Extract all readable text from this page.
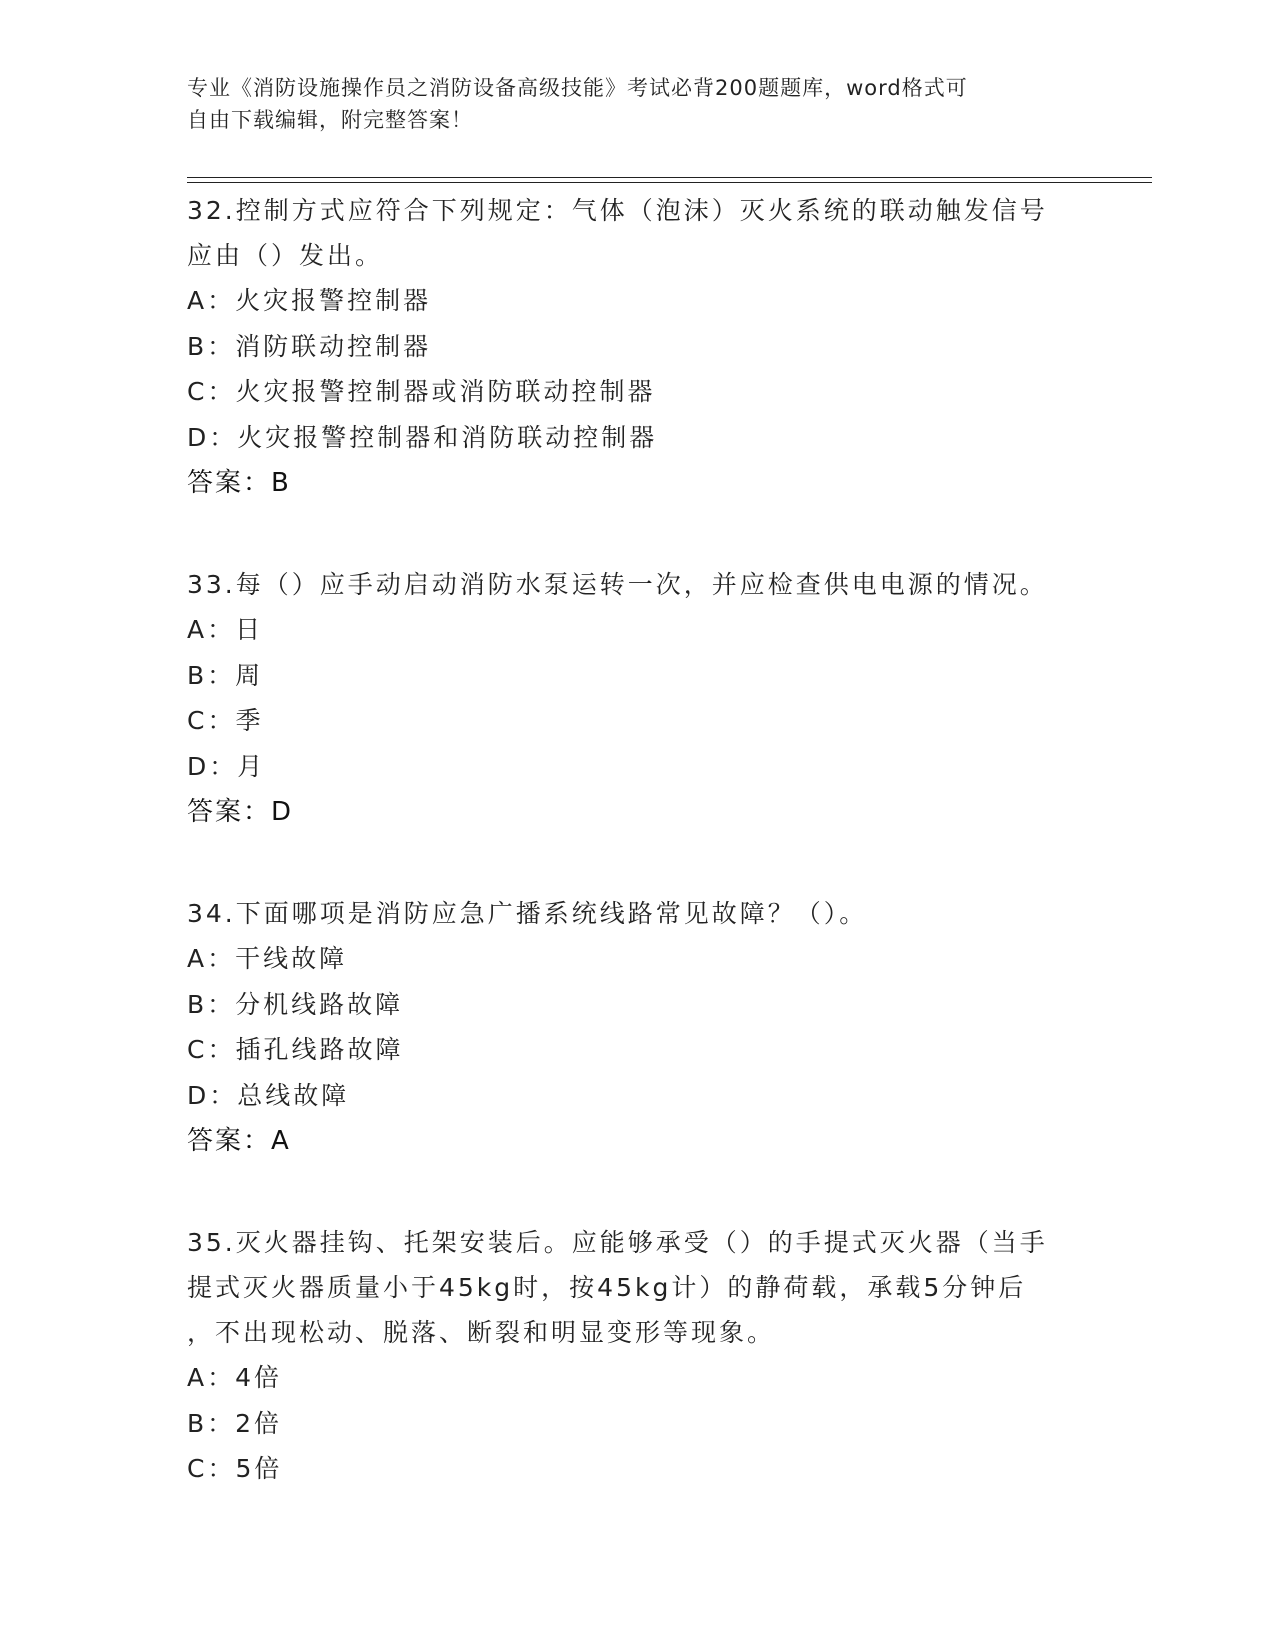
专业《消防设施操作员之消防设备高级技能》考试必背200题题库，word格式可

自由下载编辑，附完整答案！

32.控制方式应符合下列规定：气体（泡沫）灭火系统的联动触发信号

应由（）发出。

A：火灾报警控制器

B：消防联动控制器

C：火灾报警控制器或消防联动控制器

D：火灾报警控制器和消防联动控制器

答案：B

33.每（）应手动启动消防水泵运转一次，并应检查供电电源的情况。

A：日

B：周

C：季

D：月

答案：D

34.下面哪项是消防应急广播系统线路常见故障？（）。

A：干线故障

B：分机线路故障

C：插孔线路故障

D：总线故障

答案：A

35.灭火器挂钩、托架安装后。应能够承受（）的手提式灭火器（当手

提式灭火器质量小于45kg时，按45kg计）的静荷载，承载5分钟后

，不出现松动、脱落、断裂和明显变形等现象。

A：4倍

B：2倍

C：5倍
